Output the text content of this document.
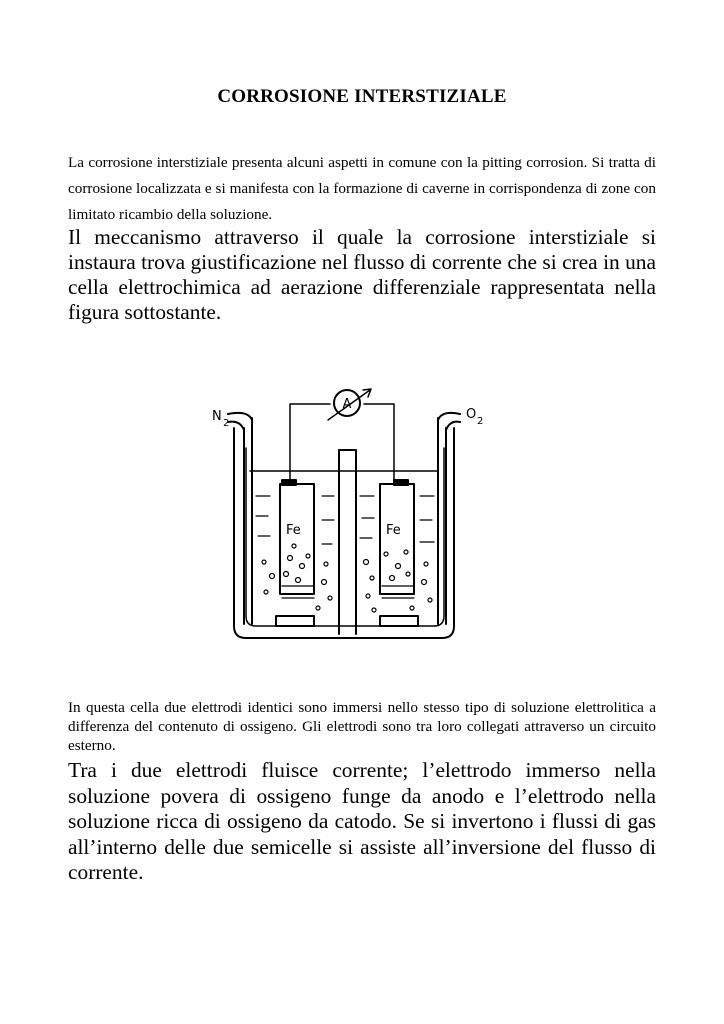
CORROSIONE INTERSTIZIALE
La corrosione interstiziale presenta alcuni aspetti in comune con la pitting corrosion. Si tratta di corrosione localizzata e si manifesta con la formazione di caverne in corrispondenza di zone con limitato ricambio della soluzione.
Il meccanismo attraverso il quale la corrosione interstiziale si instaura trova giustificazione nel flusso di corrente che si crea in una cella elettrochimica ad aerazione differenziale rappresentata nella figura sottostante.
A
N 2
O 2
Fe	Fe
In questa cella due elettrodi identici sono immersi nello stesso tipo di soluzione elettrolitica a differenza del contenuto di ossigeno. Gli elettrodi sono tra loro collegati attraverso un circuito esterno.
Tra i due elettrodi fluisce corrente; l’elettrodo immerso nella soluzione povera di ossigeno funge da anodo e l’elettrodo nella soluzione ricca di ossigeno da catodo. Se si invertono i flussi di gas all’interno delle due semicelle si assiste all’inversione del flusso di corrente.
